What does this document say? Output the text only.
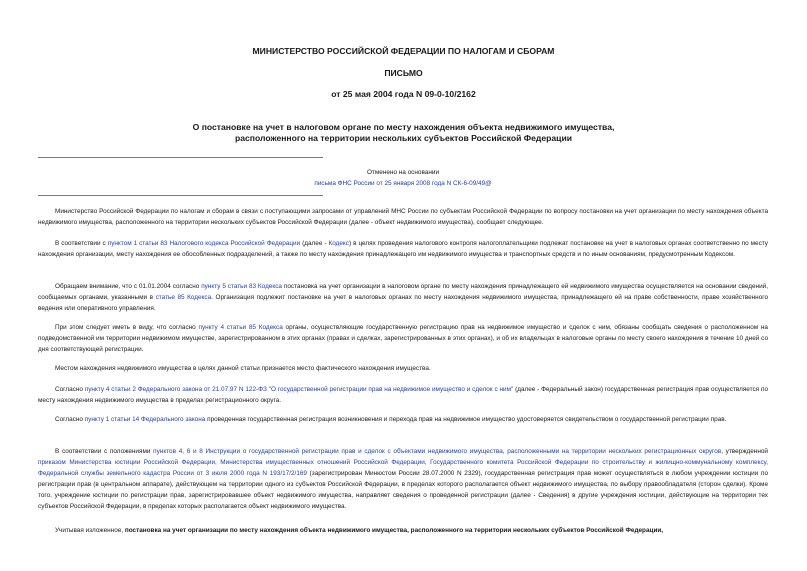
МИНИСТЕРСТВО РОССИЙСКОЙ ФЕДЕРАЦИИ ПО НАЛОГАМ И СБОРАМ
ПИСЬМО
от 25 мая 2004 года N 09-0-10/2162
О постановке на учет в налоговом органе по месту нахождения объекта недвижимого имущества,
расположенного на территории нескольких субъектов Российской Федерации
Отменено на основании
письма ФНС России от 25 января 2008 года N СК-6-09/49@

Министерство Российской Федерации по налогам и сборам в связи с поступающими запросами от управлений МНС России по субъектам Российской Федерации по вопросу постановки на учет организации по месту нахождения объекта недвижимого имущества, расположенного на территории нескольких субъектов Российской Федерации (далее - объект недвижимого имущества), сообщает следующее.

В соответствии с пунктом 1 статьи 83 Налогового кодекса Российской Федерации (далее - Кодекс) в целях проведения налогового контроля налогоплательщики подлежат постановке на учет в налоговых органах соответственно по месту нахождения организации, месту нахождения ее обособленных подразделений, а также по месту нахождения принадлежащего им недвижимого имущества и транспортных средств и по иным основаниям, предусмотренным Кодексом.

Обращаем внимание, что с 01.01.2004 согласно пункту 5 статьи 83 Кодекса постановка на учет организации в налоговом органе по месту нахождения принадлежащего ей недвижимого имущества осуществляется на основании сведений, сообщаемых органами, указанными в статье 85 Кодекса. Организация подлежит постановке на учет в налоговых органах по месту нахождения недвижимого имущества, принадлежащего ей на праве собственности, праве хозяйственного ведения или оперативного управления.

При этом следует иметь в виду, что согласно пункту 4 статьи 85 Кодекса органы, осуществляющие государственную регистрацию прав на недвижимое имущество и сделок с ним, обязаны сообщать сведения о расположенном на подведомственной им территории недвижимом имуществе, зарегистрированном в этих органах (правах и сделках, зарегистрированных в этих органах), и об их владельцах в налоговые органы по месту своего нахождения в течение 10 дней со дня соответствующей регистрации.

Местом нахождения недвижимого имущества в целях данной статьи признается место фактического нахождения имущества.

Согласно пункту 4 статьи 2 Федерального закона от 21.07.97 N 122-ФЗ "О государственной регистрации прав на недвижимое имущество и сделок с ним" (далее - Федеральный закон) государственная регистрация прав осуществляется по месту нахождения недвижимого имущества в пределах регистрационного округа.

Согласно пункту 1 статьи 14 Федерального закона проведенная государственная регистрация возникновения и перехода прав на недвижимое имущество удостоверяется свидетельством о государственной регистрации прав.

В соответствии с положениями пунктов 4, 6 и 8 Инструкции о государственной регистрации прав и сделок с объектами недвижимого имущества, расположенными на территории нескольких регистрационных округов, утвержденной приказом Министерства юстиции Российской Федерации, Министерства имущественных отношений Российской Федерации, Государственного комитета Российской Федерации по строительству и жилищно-коммунальному комплексу, Федеральной службы земельного кадастра России от 3 июля 2000 года N 193/17/2/169 (зарегистрирован Минюстом России 28.07.2000 N 2329), государственная регистрация прав может осуществляться в любом учреждении юстиции по регистрации прав (в центральном аппарате), действующем на территории одного из субъектов Российской Федерации, в пределах которого располагается объект недвижимого имущества, по выбору правообладателя (сторон сделки). Кроме того, учреждение юстиции по регистрации прав, зарегистрировавшее объект недвижимого имущества, направляет сведения о проведенной регистрации (далее - Сведения) в другие учреждения юстиции, действующие на территории тех субъектов Российской Федерации, в пределах которых располагается объект недвижимого имущества.

Учитывая изложенное, постановка на учет организации по месту нахождения объекта недвижимого имущества, расположенного на территории нескольких субъектов Российской Федерации,
